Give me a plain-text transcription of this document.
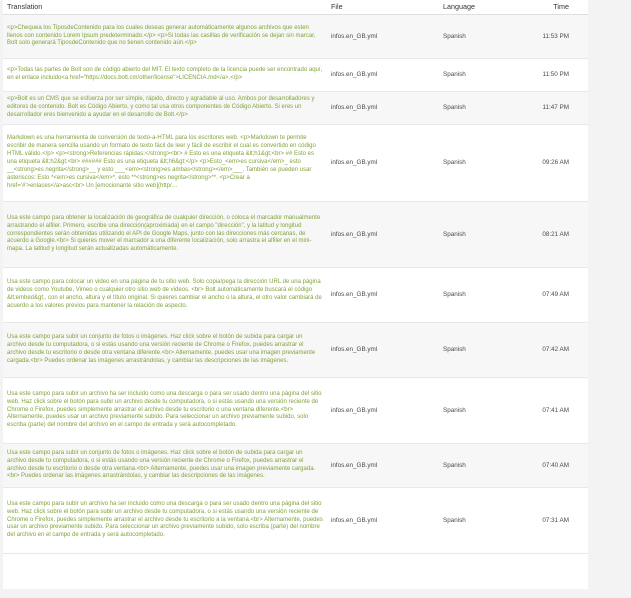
Translation	File	Language	Time
<p>Chequea los TiposdeContenido para los cuales deseas generar automáticamente algunos archivos que esten llenos con contenido Lorem Ipsum predeterminado.</p> <p>Si todas las casillas de verificación se dejan sin marcar, Bolt solo generará TiposdeContenido que no tienen contenido aún.</p>	infos.en_GB.yml	Spanish	11:53 PM
<p>Todas las partes de Bolt son de código abierto del MIT. El texto completo de la licencia puede ser encontrado aquí, en el enlace incluido<a href="https://docs.bolt.cm/other/license">LICENCIA.md</a>.</p>	infos.en_GB.yml	Spanish	11:50 PM
<p>Bolt es un CMS que se esfuerza por ser simple, rápido, directo y agradable al uso. Ambos por desarrolladores y editores de contenido. Bolt es Código Abierto, y como tal usa otros componentes de Código Abierto. Si eres un desarrollador eres bienvenido a ayudar en el desarrollo de Bolt.</p>	infos.en_GB.yml	Spanish	11:47 PM
Markdown es una herramienta de conversión de texto-a-HTML para los escritores web. <p>Markdown te permite escribir de manera sencilla usando un formato de texto fácil de leer y fácil de escribir el cual es convertido en código HTML válido.</p> <p><strong>Referencias rápidas:</strong><br> # Esto es una etiqueta &lt;h1&gt;<br> ## Esto es una etiqueta &lt;h2&gt;<br> ###### Esto es una etiqueta &lt;h6&gt;</p> <p>Esto_<em>es cursiva</em>_ esto __<strong>es negrita</strong>__ y esto ___<em><strong>es ambas</strong></em>___. También se pueden usar asteriscos: Esto *<em>es cursiva</em>*, esto **<strong>es negrita</strong>**. <p>Crear a href='#'>enlaces</a>asc<br> Un [emocionante sitio web](http/…	infos.en_GB.yml	Spanish	09:26 AM
Usa este campo para obtener la localización de geográfica de cualquier dirección, o coloca el marcador manualmente arrastrando el alfiler. Primero, escribe una dirección(aproximada) en el campo "dirección", y la latitud y longitud correspondientes serán obtenidas utilizando el API de Google Maps, junto con las direcciones más cercanas, de acuerdo a Google.<br> Si quieres mover el marcador a una diferente localización, solo arrastra el alfiler en el mini-mapa. La latitud y longitud serán actualizadas automáticamente.	infos.en_GB.yml	Spanish	08:21 AM
Usa este campo para colocar un video en una página de tu sitio web. Solo copia/pega la dirección URL de una página de videos como Youtube, Vimeo o cualquier otro sitio web de videos. <br> Bolt automáticamente buscará el código &lt;embed&gt;, con el ancho, altura y el título original. Si quieres cambiar el ancho o la altura, el otro valor cambiará de acuerdo a los valores previos para mantener la relación de aspecto.	infos.en_GB.yml	Spanish	07:49 AM
Usa este campo para subir un conjunto de fotos o imágenes. Haz click sobre el botón de subida para cargar un archivo desde tu computadora, o si estás usando una versión reciente de Chrome o Firefox, puedes arrastrar el archivo desde tu escritorio o desde otra ventana diferente.<br> Alternamente, puedes usar una imagen previamente cargada.<br> Puedes ordenar las imágenes arrastrándolas, y cambiar las descripciones de las imágenes.	infos.en_GB.yml	Spanish	07:42 AM
Usa este campo para subir un archivo ha ser incluido como una descarga o para ser usado dentro una página del sitio web. Haz click sobre el botón para subir un archivo desde tu computadora, o si estás usando una versión reciente de Chrome o Firefox, puedes simplemente arrastrar el archivo desde tu escritorio o una ventana diferente.<br> Alternamente, puedes usar un archivo previamente subido. Para seleccionar un archivo previamente subido, solo escriba (parte) del nombre del archivo en el campo de entrada y será autocompletado.	infos.en_GB.yml	Spanish	07:41 AM
Usa este campo para subir un conjunto de fotos o imágenes. Haz click sobre el botón de subida para cargar un archivo desde tu computadora, o si estás usando una versión reciente de Chrome o Firefox, puedes arrastrar el archivo desde tu escritorio o desde otra ventana.<br> Alternamente, puedes usar una imagen previamente cargada.<br> Puedes ordenar las imágenes arrastrándolas, y cambiar las descripciones de las imágenes.	infos.en_GB.yml	Spanish	07:40 AM
Usa este campo para subir un archivo ha ser incluido como una descarga o para ser usado dentro una página del sitio web. Haz click sobre el botón para subir un archivo desde tu computadora, o si estás usando una versión reciente de Chrome o Firefox, puedes simplemente arrastrar el archivo desde tu escritorio a la ventana.<br> Alternamente, puedes usar un archivo previamente subido. Para seleccionar un archivo previamente subido, solo escriba (parte) del nombre del archivo en el campo de entrada y será autocompletado.	infos.en_GB.yml	Spanish	07:31 AM
